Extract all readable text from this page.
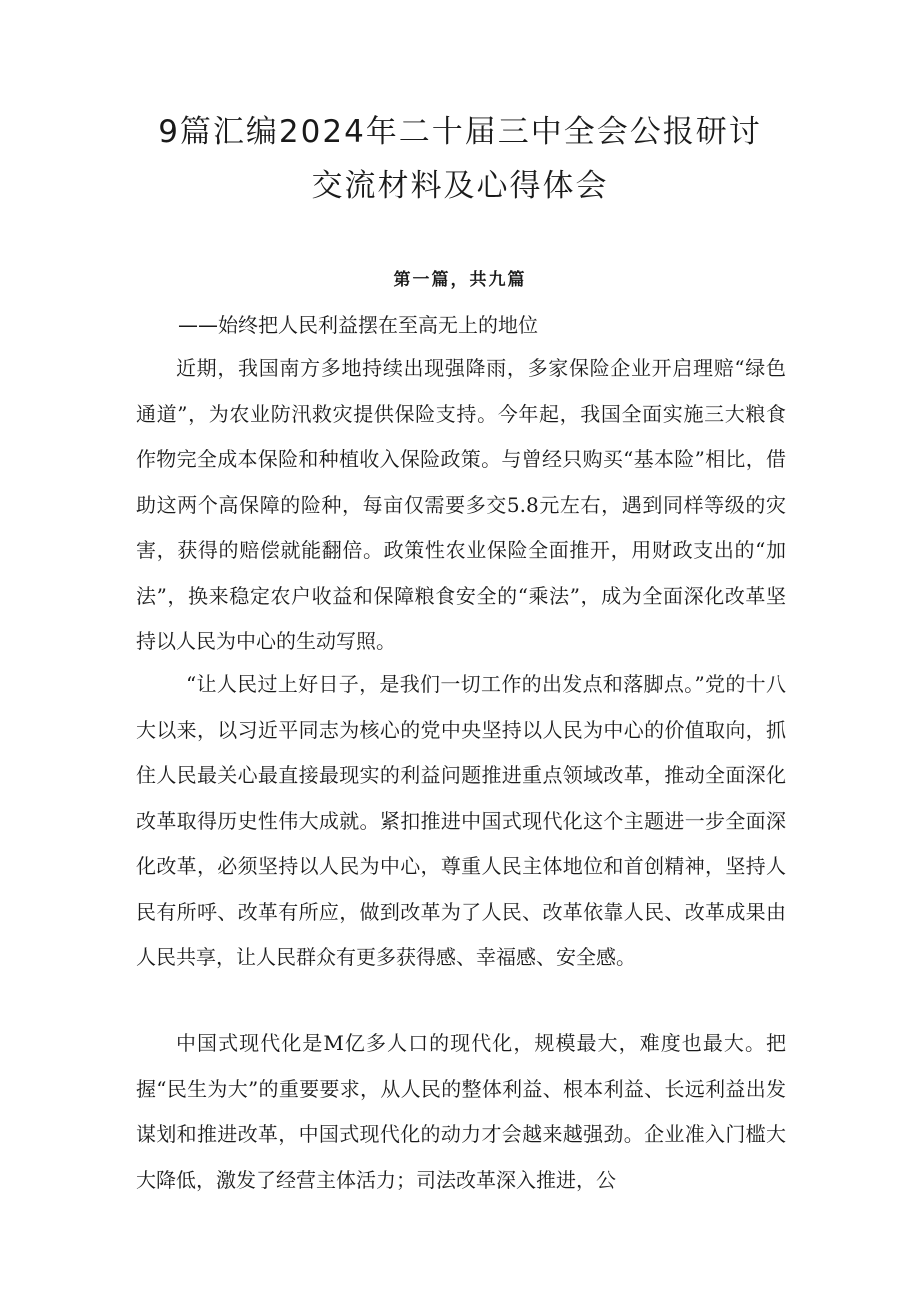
9篇汇编2024年二十届三中全会公报研讨
交流材料及心得体会
第一篇，共九篇
——始终把人民利益摆在至高无上的地位

近期，我国南方多地持续出现强降雨，多家保险企业开启理赔“绿色通道”，为农业防汛救灾提供保险支持。今年起，我国全面实施三大粮食作物完全成本保险和种植收入保险政策。与曾经只购买“基本险”相比，借助这两个高保障的险种，每亩仅需要多交5.8元左右，遇到同样等级的灾害，获得的赔偿就能翻倍。政策性农业保险全面推开，用财政支出的“加法”，换来稳定农户收益和保障粮食安全的“乘法”，成为全面深化改革坚持以人民为中心的生动写照。

“让人民过上好日子，是我们一切工作的出发点和落脚点。”党的十八大以来，以习近平同志为核心的党中央坚持以人民为中心的价值取向，抓住人民最关心最直接最现实的利益问题推进重点领域改革，推动全面深化改革取得历史性伟大成就。紧扣推进中国式现代化这个主题进一步全面深化改革，必须坚持以人民为中心，尊重人民主体地位和首创精神，坚持人民有所呼、改革有所应，做到改革为了人民、改革依靠人民、改革成果由人民共享，让人民群众有更多获得感、幸福感、安全感。

中国式现代化是M亿多人口的现代化，规模最大，难度也最大。把握“民生为大”的重要要求，从人民的整体利益、根本利益、长远利益出发谋划和推进改革，中国式现代化的动力才会越来越强劲。企业准入门槛大大降低，激发了经营主体活力；司法改革深入推进，公
